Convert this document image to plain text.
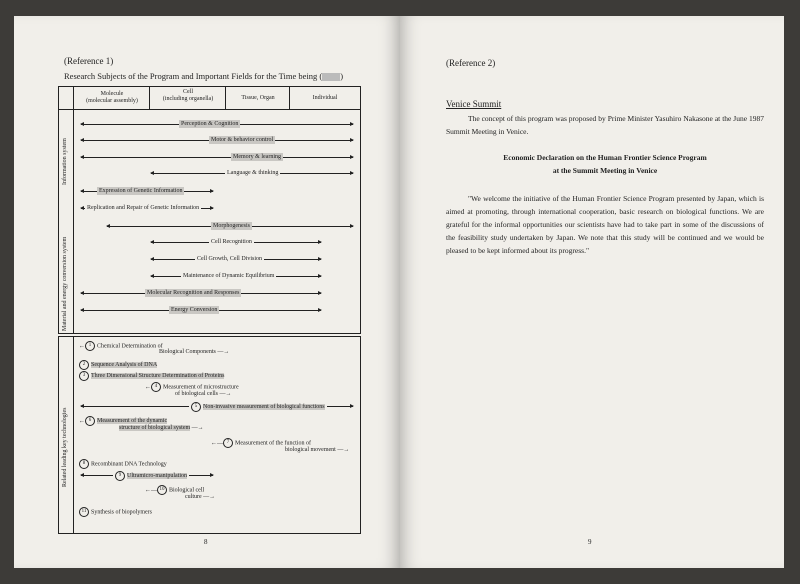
(Reference 1)
Research Subjects of the Program and Important Fields for the Time being ( )
Molecule
(molecular assembly)
Cell
(including organella)	Tissue, Organ	Individual
Information system
Material and energy conversion system
Perception & Cognition
Motor & behavior control
Memory & learning
Language & thinking
Expression of Genetic Information
Replication and Repair of Genetic Information
Morphogenesis
Cell Recognition
Cell Growth, Cell Division
Maintenance of Dynamic Equilibrium
Molecular Recognition and Responses
Energy Conversion
Related leading key technologies
← 1 Chemical Determination of
Biological Components —→
2 Sequence Analysis of DNA
3 Three Dimensional Structure Determination of Proteins
← 4 Measurement of microstructure
of biological cells —→
5 Non-invasive measurement of biological functions
← 6 Measurement of the dynamic
structure of biological system —→
←— 7 Measurement of the function of
biological movement —→
8 Recombinant DNA Technology
9 Ultramicro-manipulation
←— 10 Biological cell
culture —→
11 Synthesis of biopolymers
8
(Reference 2)
Venice Summit
The concept of this program was proposed by Prime Minister Yasuhiro Nakasone at the June 1987 Summit Meeting in Venice.
Economic Declaration on the Human Frontier Science Program
at the Summit Meeting in Venice
"We welcome the initiative of the Human Frontier Science Program presented by Japan, which is aimed at promoting, through international cooperation, basic research on biological functions. We are grateful for the informal opportunities our scientists have had to take part in some of the discussions of the feasibility study undertaken by Japan. We note that this study will be continued and we would be pleased to be kept informed about its progress."
9
